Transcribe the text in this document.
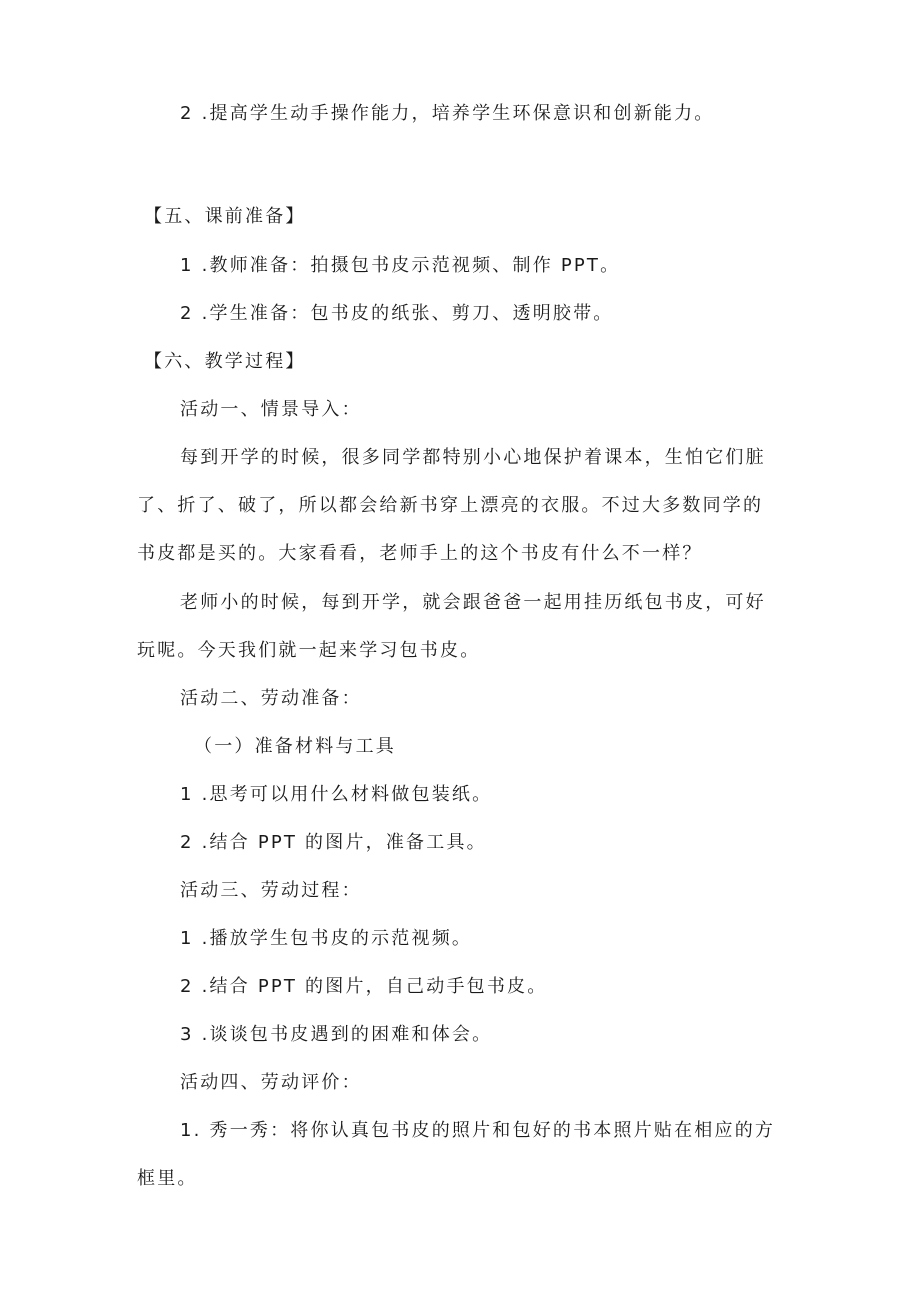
2 .提高学生动手操作能力，培养学生环保意识和创新能力。

【五、课前准备】

1 .教师准备：拍摄包书皮示范视频、制作 PPT。

2 .学生准备：包书皮的纸张、剪刀、透明胶带。

【六、教学过程】

活动一、情景导入：

每到开学的时候，很多同学都特别小心地保护着课本，生怕它们脏

了、折了、破了，所以都会给新书穿上漂亮的衣服。不过大多数同学的

书皮都是买的。大家看看，老师手上的这个书皮有什么不一样？

老师小的时候，每到开学，就会跟爸爸一起用挂历纸包书皮，可好

玩呢。今天我们就一起来学习包书皮。

活动二、劳动准备：

（一）准备材料与工具

1 .思考可以用什么材料做包装纸。

2 .结合 PPT 的图片，准备工具。

活动三、劳动过程：

1 .播放学生包书皮的示范视频。

2 .结合 PPT 的图片，自己动手包书皮。

3 .谈谈包书皮遇到的困难和体会。

活动四、劳动评价：

1. 秀一秀：将你认真包书皮的照片和包好的书本照片贴在相应的方

框里。
